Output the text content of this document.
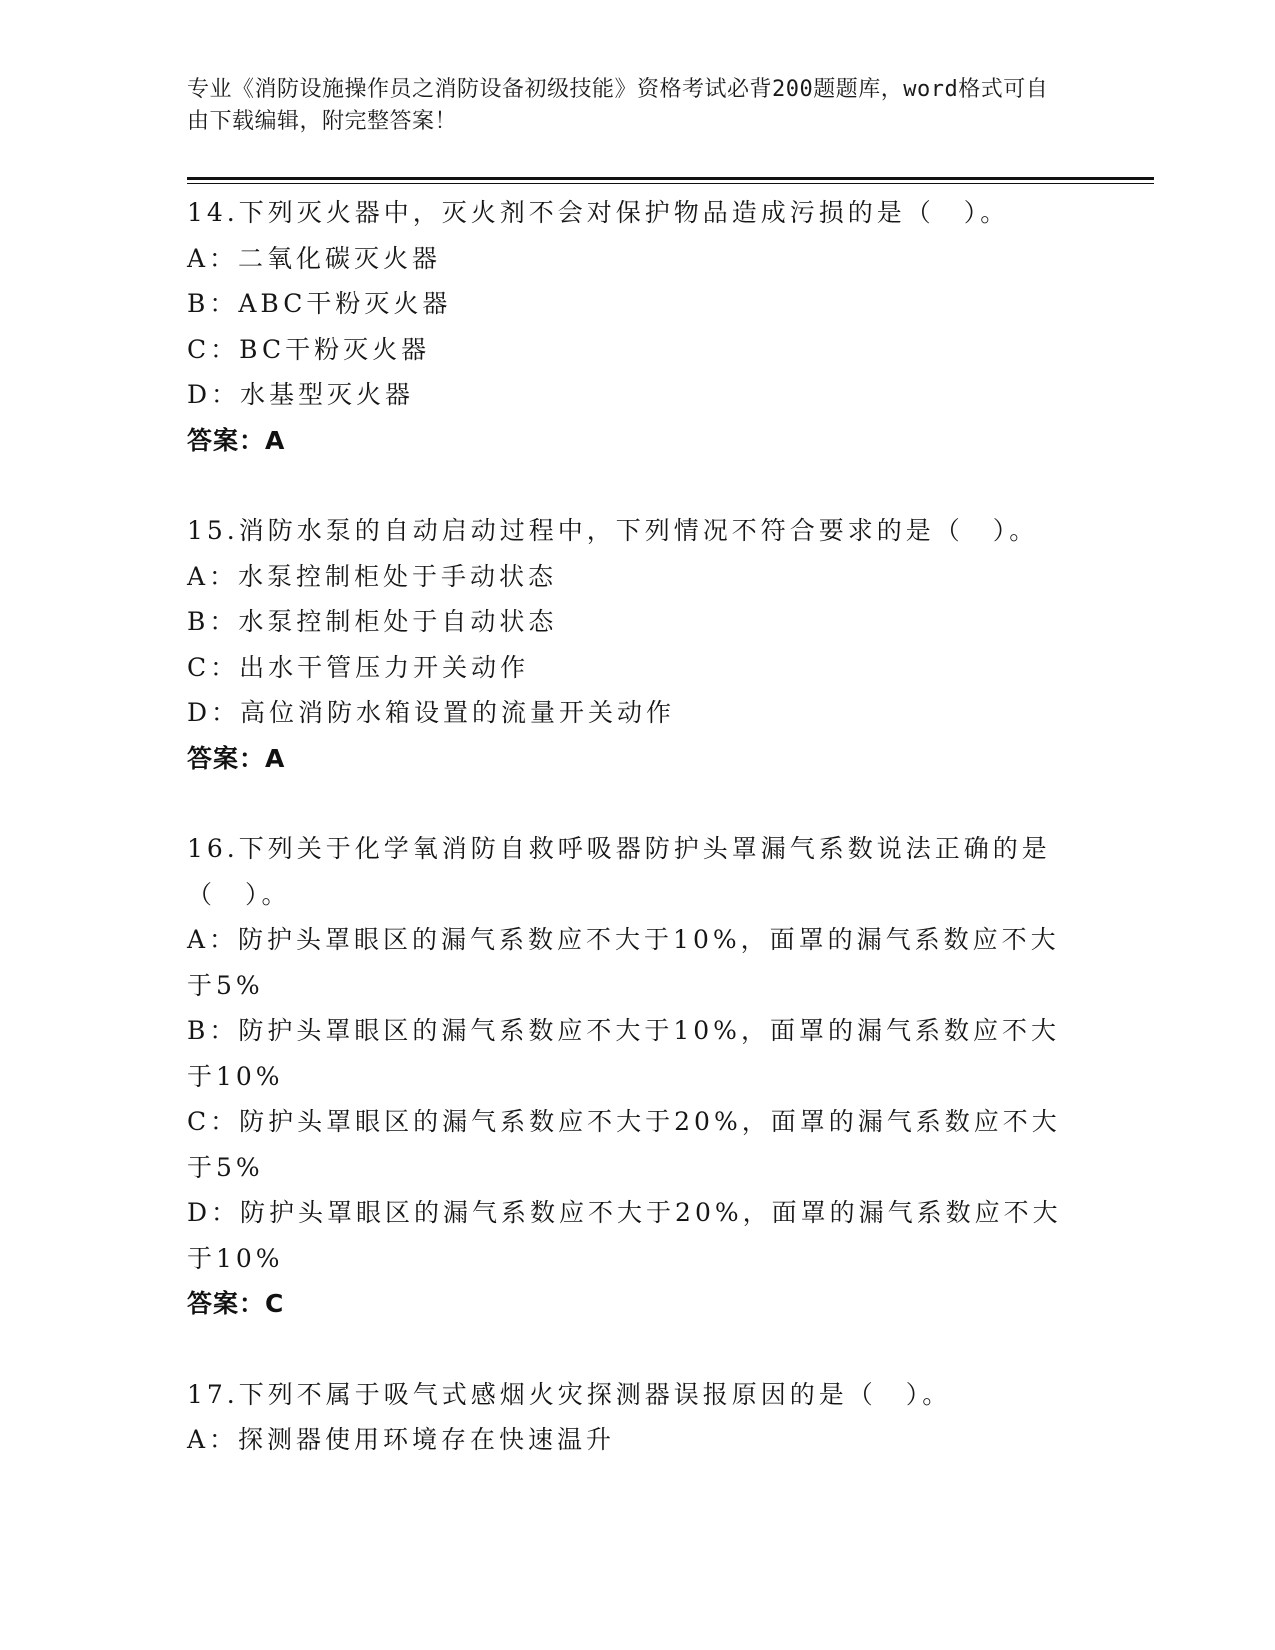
专业《消防设施操作员之消防设备初级技能》资格考试必背200题题库，word格式可自由下载编辑，附完整答案！
14.下列灭火器中，灭火剂不会对保护物品造成污损的是（　）。
A：二氧化碳灭火器
B：ABC干粉灭火器
C：BC干粉灭火器
D：水基型灭火器
答案：A
15.消防水泵的自动启动过程中，下列情况不符合要求的是（　）。
A：水泵控制柜处于手动状态
B：水泵控制柜处于自动状态
C：出水干管压力开关动作
D：高位消防水箱设置的流量开关动作
答案：A
16.下列关于化学氧消防自救呼吸器防护头罩漏气系数说法正确的是（　）。
A：防护头罩眼区的漏气系数应不大于10%，面罩的漏气系数应不大于5%
B：防护头罩眼区的漏气系数应不大于10%，面罩的漏气系数应不大于10%
C：防护头罩眼区的漏气系数应不大于20%，面罩的漏气系数应不大于5%
D：防护头罩眼区的漏气系数应不大于20%，面罩的漏气系数应不大于10%
答案：C
17.下列不属于吸气式感烟火灾探测器误报原因的是（　）。
A：探测器使用环境存在快速温升
